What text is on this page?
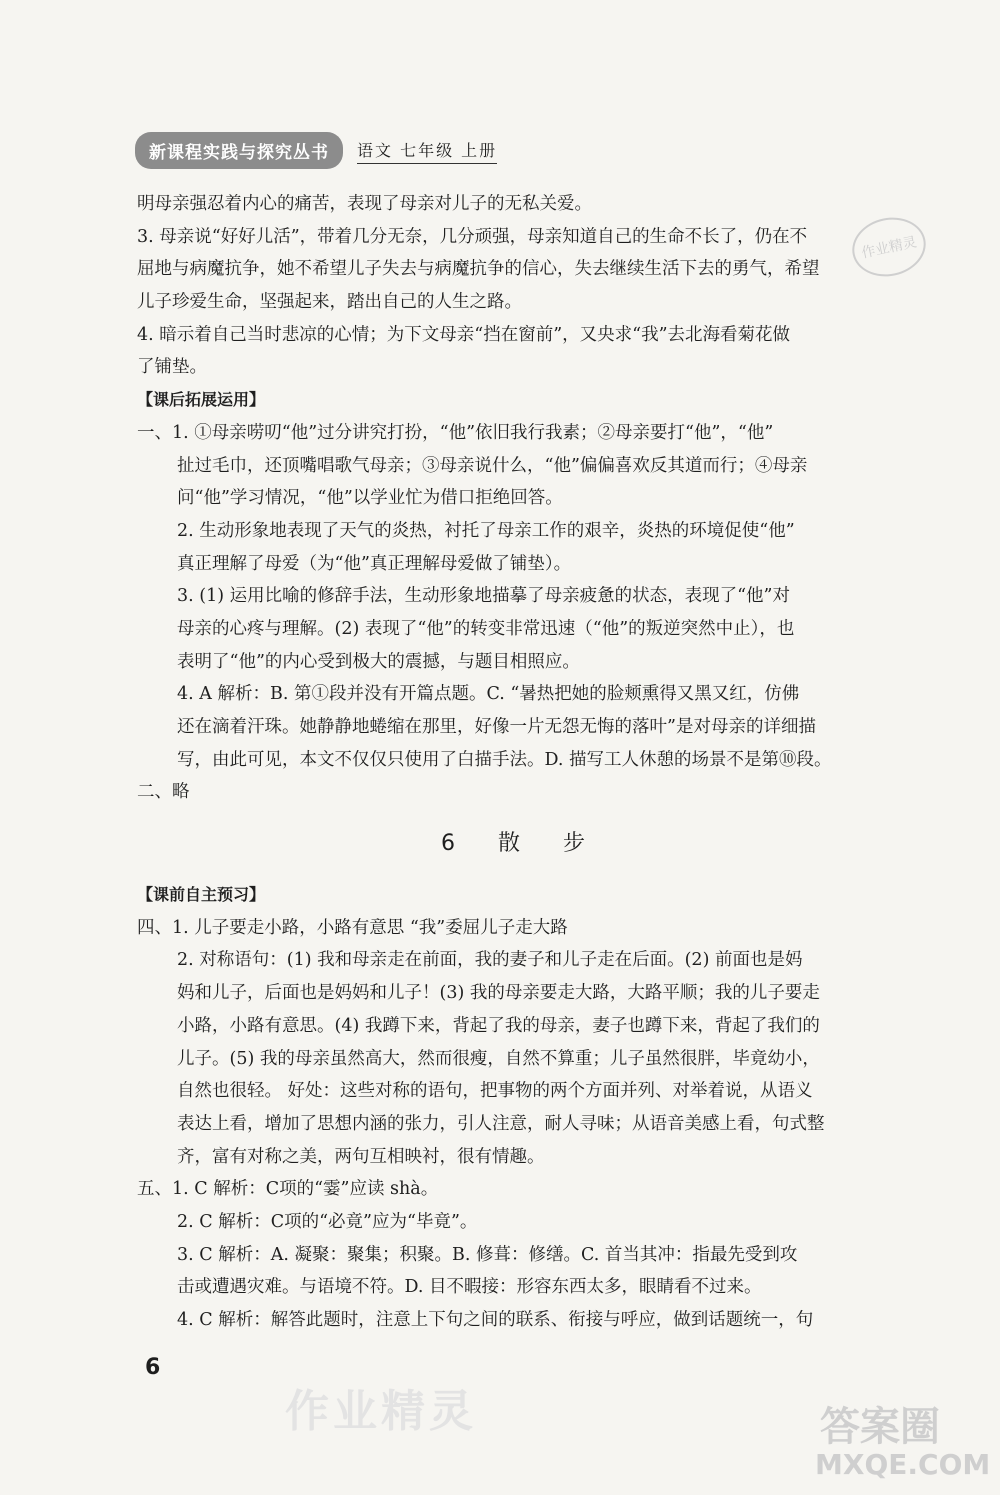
作业精灵
新课程实践与探究丛书	语文 七年级 上册
明母亲强忍着内心的痛苦，表现了母亲对儿子的无私关爱。
3. 母亲说“好好儿活”，带着几分无奈，几分顽强，母亲知道自己的生命不长了，仍在不
屈地与病魔抗争，她不希望儿子失去与病魔抗争的信心，失去继续生活下去的勇气，希望
儿子珍爱生命，坚强起来，踏出自己的人生之路。
4. 暗示着自己当时悲凉的心情；为下文母亲“挡在窗前”，又央求“我”去北海看菊花做
了铺垫。
【课后拓展运用】
一、1. ①母亲唠叨“他”过分讲究打扮，“他”依旧我行我素；②母亲要打“他”，“他”
扯过毛巾，还顶嘴唱歌气母亲；③母亲说什么，“他”偏偏喜欢反其道而行；④母亲
问“他”学习情况，“他”以学业忙为借口拒绝回答。
2. 生动形象地表现了天气的炎热，衬托了母亲工作的艰辛，炎热的环境促使“他”
真正理解了母爱（为“他”真正理解母爱做了铺垫）。
3. (1) 运用比喻的修辞手法，生动形象地描摹了母亲疲惫的状态，表现了“他”对
母亲的心疼与理解。(2) 表现了“他”的转变非常迅速（“他”的叛逆突然中止），也
表明了“他”的内心受到极大的震撼，与题目相照应。
4. A 解析：B. 第①段并没有开篇点题。C. “暑热把她的脸颊熏得又黑又红，仿佛
还在滴着汗珠。她静静地蜷缩在那里，好像一片无怨无悔的落叶”是对母亲的详细描
写，由此可见，本文不仅仅只使用了白描手法。D. 描写工人休憩的场景不是第⑩段。
二、略
6 散 步
【课前自主预习】
四、1. 儿子要走小路，小路有意思 “我”委屈儿子走大路
2. 对称语句：(1) 我和母亲走在前面，我的妻子和儿子走在后面。(2) 前面也是妈
妈和儿子，后面也是妈妈和儿子！(3) 我的母亲要走大路，大路平顺；我的儿子要走
小路，小路有意思。(4) 我蹲下来，背起了我的母亲，妻子也蹲下来，背起了我们的
儿子。(5) 我的母亲虽然高大，然而很瘦，自然不算重；儿子虽然很胖，毕竟幼小，
自然也很轻。 好处：这些对称的语句，把事物的两个方面并列、对举着说，从语义
表达上看，增加了思想内涵的张力，引人注意，耐人寻味；从语音美感上看，句式整
齐，富有对称之美，两句互相映衬，很有情趣。
五、1. C 解析：C项的“霎”应读 shà。
2. C 解析：C项的“必竟”应为“毕竟”。
3. C 解析：A. 凝聚：聚集；积聚。B. 修葺：修缮。C. 首当其冲：指最先受到攻
击或遭遇灾难。与语境不符。D. 目不暇接：形容东西太多，眼睛看不过来。
4. C 解析：解答此题时，注意上下句之间的联系、衔接与呼应，做到话题统一，句
6
作业精灵	答案圈
MXQE.COM
